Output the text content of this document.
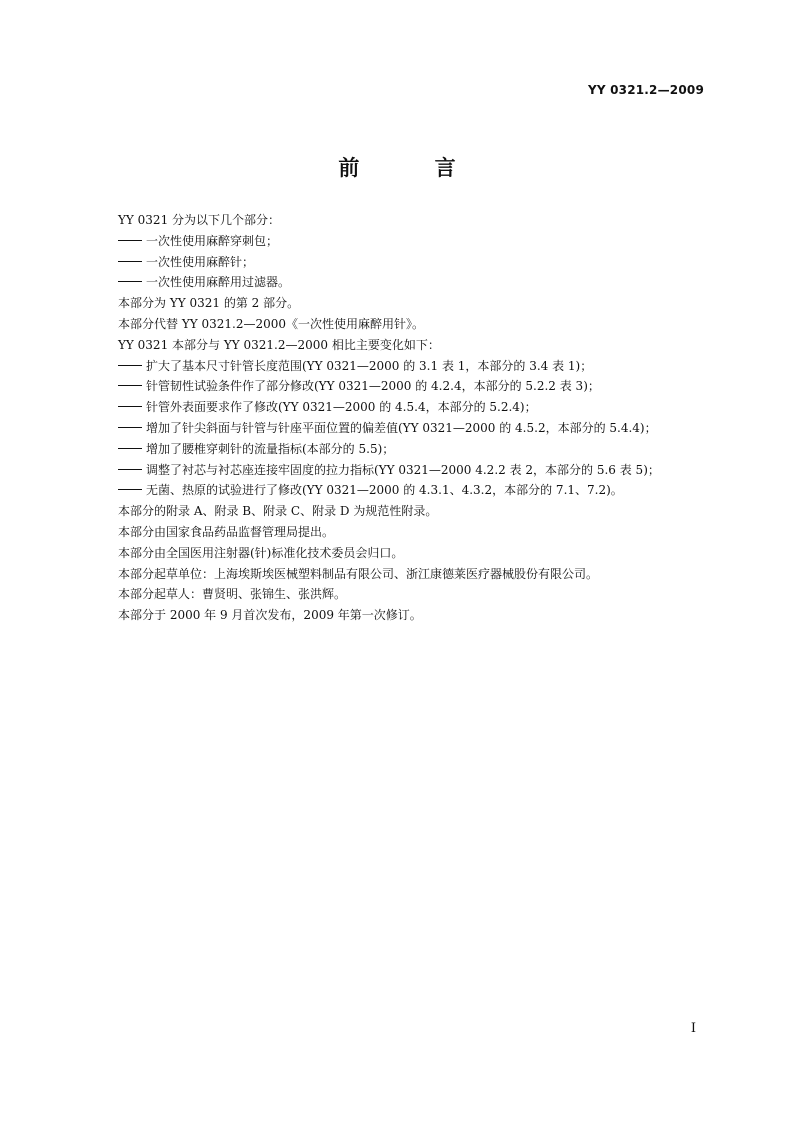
YY 0321.2—2009
前 言

YY 0321 分为以下几个部分：

一次性使用麻醉穿刺包；

一次性使用麻醉针；

一次性使用麻醉用过滤器。

本部分为 YY 0321 的第 2 部分。

本部分代替 YY 0321.2—2000《一次性使用麻醉用针》。

YY 0321 本部分与 YY 0321.2—2000 相比主要变化如下：

扩大了基本尺寸针管长度范围(YY 0321—2000 的 3.1 表 1，本部分的 3.4 表 1)；

针管韧性试验条件作了部分修改(YY 0321—2000 的 4.2.4，本部分的 5.2.2 表 3)；

针管外表面要求作了修改(YY 0321—2000 的 4.5.4，本部分的 5.2.4)；

增加了针尖斜面与针管与针座平面位置的偏差值(YY 0321—2000 的 4.5.2，本部分的 5.4.4)；

增加了腰椎穿刺针的流量指标(本部分的 5.5)；

调整了衬芯与衬芯座连接牢固度的拉力指标(YY 0321—2000 4.2.2 表 2，本部分的 5.6 表 5)；

无菌、热原的试验进行了修改(YY 0321—2000 的 4.3.1、4.3.2，本部分的 7.1、7.2)。

本部分的附录 A、附录 B、附录 C、附录 D 为规范性附录。

本部分由国家食品药品监督管理局提出。

本部分由全国医用注射器(针)标准化技术委员会归口。

本部分起草单位：上海埃斯埃医械塑料制品有限公司、浙江康德莱医疗器械股份有限公司。

本部分起草人：曹贤明、张锦生、张洪辉。

本部分于 2000 年 9 月首次发布，2009 年第一次修订。

I
